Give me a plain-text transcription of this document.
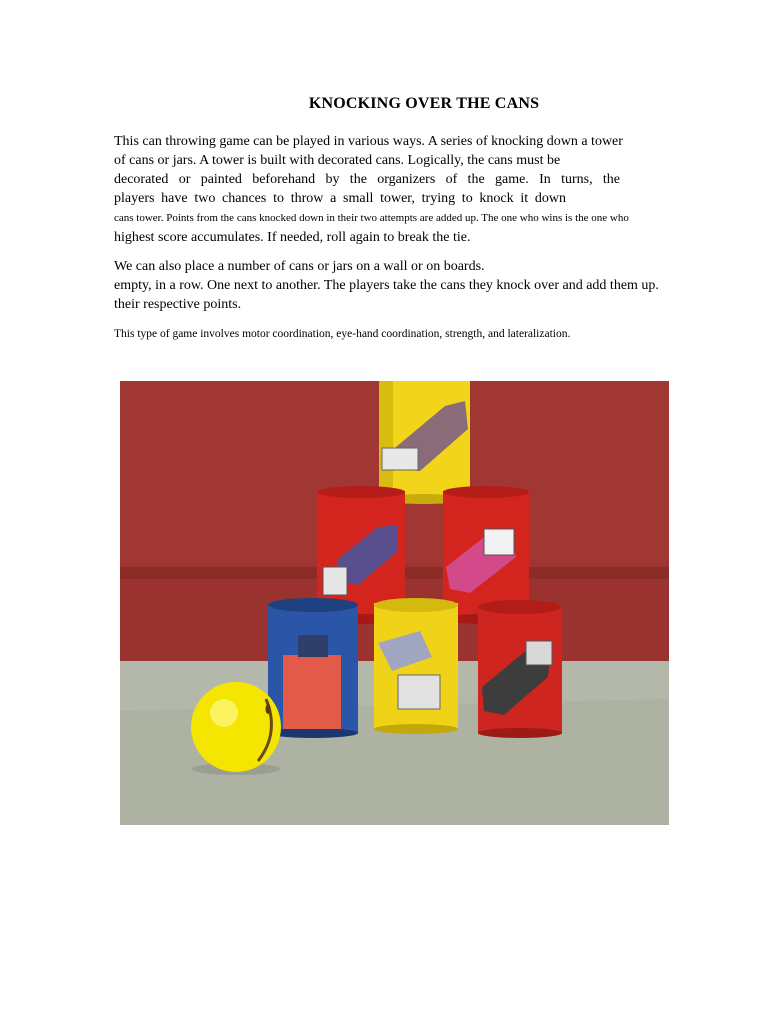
KNOCKING OVER THE CANS
This can throwing game can be played in various ways. A series of knocking down a tower
of cans or jars. A tower is built with decorated cans. Logically, the cans must be
decorated or painted beforehand by the organizers of the game. In turns, the
players have two chances to throw a small tower, trying to knock it down
cans tower. Points from the cans knocked down in their two attempts are added up. The one who wins is the one who
highest score accumulates. If needed, roll again to break the tie.
We can also place a number of cans or jars on a wall or on boards.
empty, in a row. One next to another. The players take the cans they knock over and add them up.
their respective points.
This type of game involves motor coordination, eye-hand coordination, strength, and lateralization.
